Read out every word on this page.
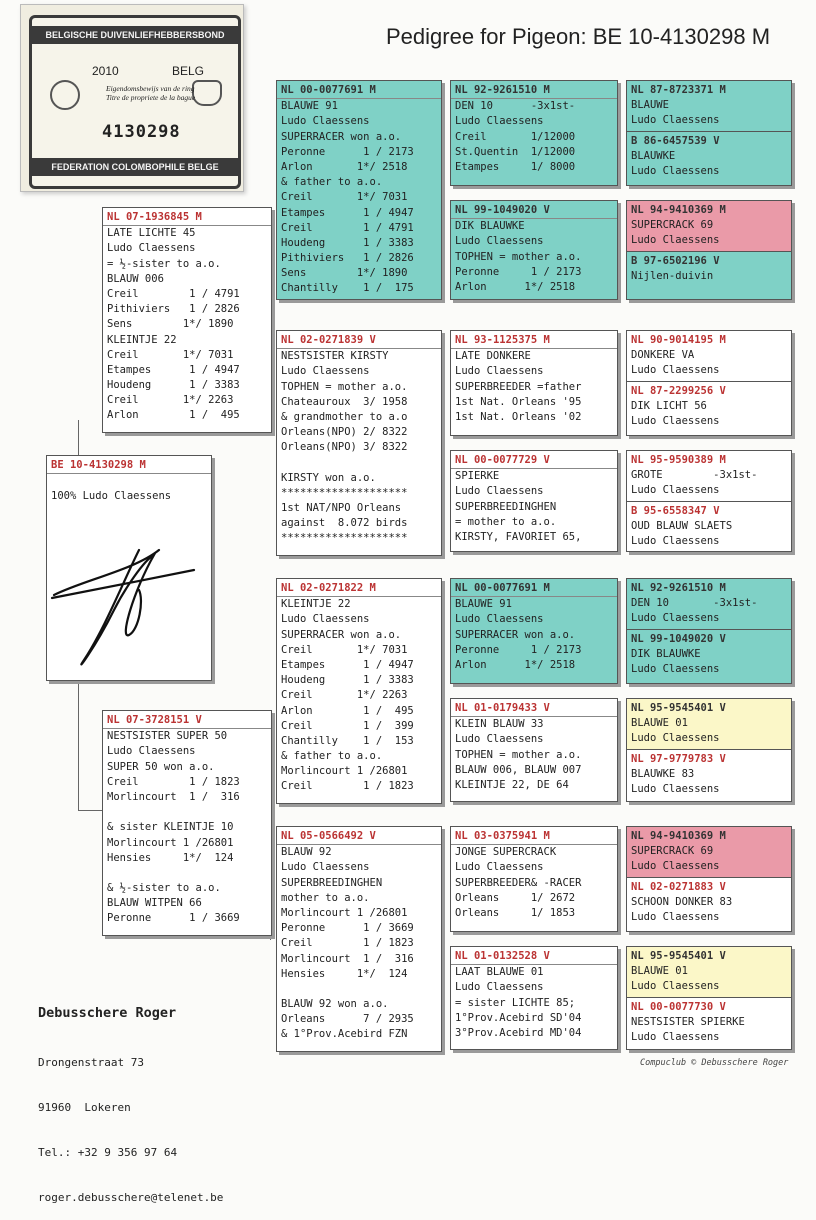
Pedigree for Pigeon: BE 10-4130298 M
BELGISCHE DUIVENLIEFHEBBERSBOND
2010	BELG
Eigendomsbewijs van de ring
Titre de propriete de la bague
4130298
FEDERATION COLOMBOPHILE BELGE
BE 10-4130298 M
100% Ludo Claessens
NL 07-1936845 M
LATE LICHTE 45
Ludo Claessens
= ½-sister to a.o.
BLAUW 006
Creil        1 / 4791
Pithiviers   1 / 2826
Sens        1*/ 1890
KLEINTJE 22
Creil       1*/ 7031
Etampes      1 / 4947
Houdeng      1 / 3383
Creil       1*/ 2263
Arlon        1 /  495
NL 07-3728151 V
NESTSISTER SUPER 50
Ludo Claessens
SUPER 50 won a.o.
Creil        1 / 1823
Morlincourt  1 /  316
& sister KLEINTJE 10
Morlincourt 1 /26801
Hensies     1*/  124
& ½-sister to a.o.
BLAUW WITPEN 66
Peronne      1 / 3669
NL 00-0077691 M
BLAUWE 91
Ludo Claessens
SUPERRACER won a.o.
Peronne      1 / 2173
Arlon       1*/ 2518
& father to a.o.
Creil       1*/ 7031
Etampes      1 / 4947
Creil        1 / 4791
Houdeng      1 / 3383
Pithiviers   1 / 2826
Sens        1*/ 1890
Chantilly    1 /  175
NL 02-0271839 V
NESTSISTER KIRSTY
Ludo Claessens
TOPHEN = mother a.o.
Chateauroux  3/ 1958
& grandmother to a.o
Orleans(NPO) 2/ 8322
Orleans(NPO) 3/ 8322
KIRSTY won a.o.
********************
1st NAT/NPO Orleans
against  8.072 birds
********************
NL 02-0271822 M
KLEINTJE 22
Ludo Claessens
SUPERRACER won a.o.
Creil       1*/ 7031
Etampes      1 / 4947
Houdeng      1 / 3383
Creil       1*/ 2263
Arlon        1 /  495
Creil        1 /  399
Chantilly    1 /  153
& father to a.o.
Morlincourt 1 /26801
Creil        1 / 1823
NL 05-0566492 V
BLAUW 92
Ludo Claessens
SUPERBREEDINGHEN
mother to a.o.
Morlincourt 1 /26801
Peronne      1 / 3669
Creil        1 / 1823
Morlincourt  1 /  316
Hensies     1*/  124
BLAUW 92 won a.o.
Orleans      7 / 2935
& 1°Prov.Acebird FZN
NL 92-9261510 M
DEN 10      -3x1st-
Ludo Claessens
Creil       1/12000
St.Quentin  1/12000
Etampes     1/ 8000
NL 99-1049020 V
DIK BLAUWKE
Ludo Claessens
TOPHEN = mother a.o.
Peronne     1 / 2173
Arlon      1*/ 2518
NL 93-1125375 M
LATE DONKERE
Ludo Claessens
SUPERBREEDER =father
1st Nat. Orleans '95
1st Nat. Orleans '02
NL 00-0077729 V
SPIERKE
Ludo Claessens
SUPERBREEDINGHEN
= mother to a.o.
KIRSTY, FAVORIET 65,
NL 00-0077691 M
BLAUWE 91
Ludo Claessens
SUPERRACER won a.o.
Peronne     1 / 2173
Arlon      1*/ 2518
NL 01-0179433 V
KLEIN BLAUW 33
Ludo Claessens
TOPHEN = mother a.o.
BLAUW 006, BLAUW 007
KLEINTJE 22, DE 64
NL 03-0375941 M
JONGE SUPERCRACK
Ludo Claessens
SUPERBREEDER& -RACER
Orleans     1/ 2672
Orleans     1/ 1853
NL 01-0132528 V
LAAT BLAUWE 01
Ludo Claessens
= sister LICHTE 85;
1°Prov.Acebird SD'04
3°Prov.Acebird MD'04
NL 87-8723371 M
BLAUWE
Ludo Claessens
B 86-6457539 V
BLAUWKE
Ludo Claessens
NL 94-9410369 M
SUPERCRACK 69
Ludo Claessens
B 97-6502196 V
Nijlen-duivin
NL 90-9014195 M
DONKERE VA
Ludo Claessens
NL 87-2299256 V
DIK LICHT 56
Ludo Claessens
NL 95-9590389 M
GROTE        -3x1st-
Ludo Claessens
B 95-6558347 V
OUD BLAUW SLAETS
Ludo Claessens
NL 92-9261510 M
DEN 10       -3x1st-
Ludo Claessens
NL 99-1049020 V
DIK BLAUWKE
Ludo Claessens
NL 95-9545401 V
BLAUWE 01
Ludo Claessens
NL 97-9779783 V
BLAUWKE 83
Ludo Claessens
NL 94-9410369 M
SUPERCRACK 69
Ludo Claessens
NL 02-0271883 V
SCHOON DONKER 83
Ludo Claessens
NL 95-9545401 V
BLAUWE 01
Ludo Claessens
NL 00-0077730 V
NESTSISTER SPIERKE
Ludo Claessens

Debusschere Roger

Drongenstraat 73

91960  Lokeren

Tel.: +32 9 356 97 64

roger.debusschere@telenet.be

Compuclub © Debusschere Roger
